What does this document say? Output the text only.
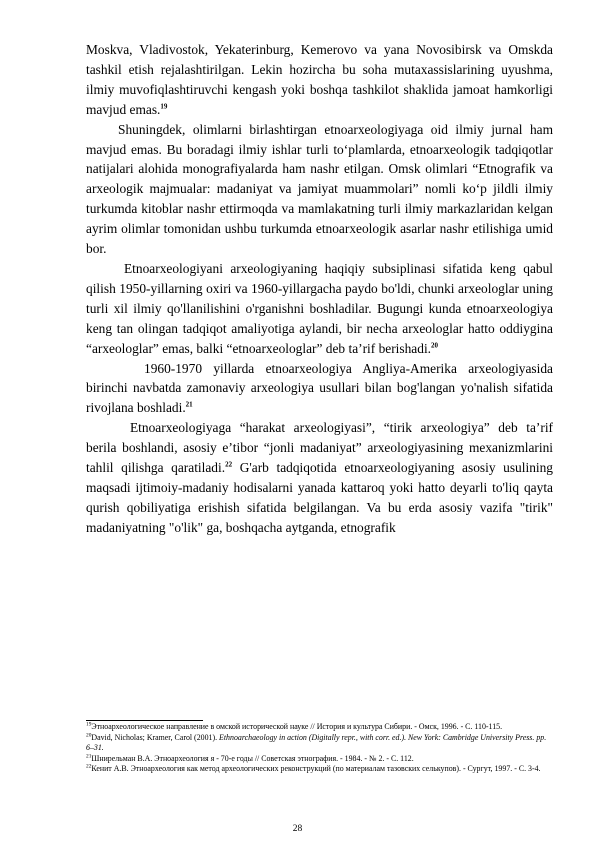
Moskva, Vladivostok, Yekaterinburg, Kemerovo va yana Novosibirsk va Omskda tashkil etish rejalashtirilgan. Lekin hozircha bu soha mutaxassislarining uyushma, ilmiy muvofiqlashtiruvchi kengash yoki boshqa tashkilot shaklida jamoat hamkorligi mavjud emas.$^{19}$

Shuningdek, olimlarni birlashtirgan etnoarxeologiyaga oid ilmiy jurnal ham mavjud emas. Bu boradagi ilmiy ishlar turli to‘plamlarda, etnoarxeologik tadqiqotlar natijalari alohida monografiyalarda ham nashr etilgan. Omsk olimlari “Etnografik va arxeologik majmualar: madaniyat va jamiyat muammolari” nomli ko‘p jildli ilmiy turkumda kitoblar nashr ettirmoqda va mamlakatning turli ilmiy markazlaridan kelgan ayrim olimlar tomonidan ushbu turkumda etnoarxeologik asarlar nashr etilishiga umid bor.

Etnoarxeologiyani arxeologiyaning haqiqiy subsiplinasi sifatida keng qabul qilish 1950-yillarning oxiri va 1960-yillargacha paydo bo'ldi, chunki arxeologlar uning turli xil ilmiy qo'llanilishini o'rganishni boshladilar. Bugungi kunda etnoarxeologiya keng tan olingan tadqiqot amaliyotiga aylandi, bir necha arxeologlar hatto oddiygina “arxeologlar” emas, balki “etnoarxeologlar” deb taʼrif berishadi.$^{20}$

1960-1970 yillarda etnoarxeologiya Angliya-Amerika arxeologiyasida birinchi navbatda zamonaviy arxeologiya usullari bilan bog'langan yo'nalish sifatida rivojlana boshladi.$^{21}$

Etnoarxeologiyaga “harakat arxeologiyasi”, “tirik arxeologiya” deb taʼrif berila boshlandi, asosiy eʼtibor “jonli madaniyat” arxeologiyasining mexanizmlarini tahlil qilishga qaratiladi.$^{22}$ G'arb tadqiqotida etnoarxeologiyaning asosiy usulining maqsadi ijtimoiy-madaniy hodisalarni yanada kattaroq yoki hatto deyarli to'liq qayta qurish qobiliyatiga erishish sifatida belgilangan. Va bu erda asosiy vazifa "tirik" madaniyatning "o'lik" ga, boshqacha aytganda, etnografik

$^{19}$Этноархеологическое направление в омской исторической науке // История и культура Сибири. - Омск, 1996. - С. 110-115.

$^{20}$David, Nicholas; Kramer, Carol (2001). Ethnoarchaeology in action (Digitally repr., with corr. ed.). New York: Cambridge University Press. pp. 6–31.

$^{21}$Шнирельман В.А. Этноархеология я - 70-е годы // Советская этнография. - 1984. - № 2. - С. 112.

$^{22}$Кенит А.В. Этноархеология как метод археологических реконструкций (по материалам тазовских селькупов). - Сургут, 1997. - С. 3-4.

28
